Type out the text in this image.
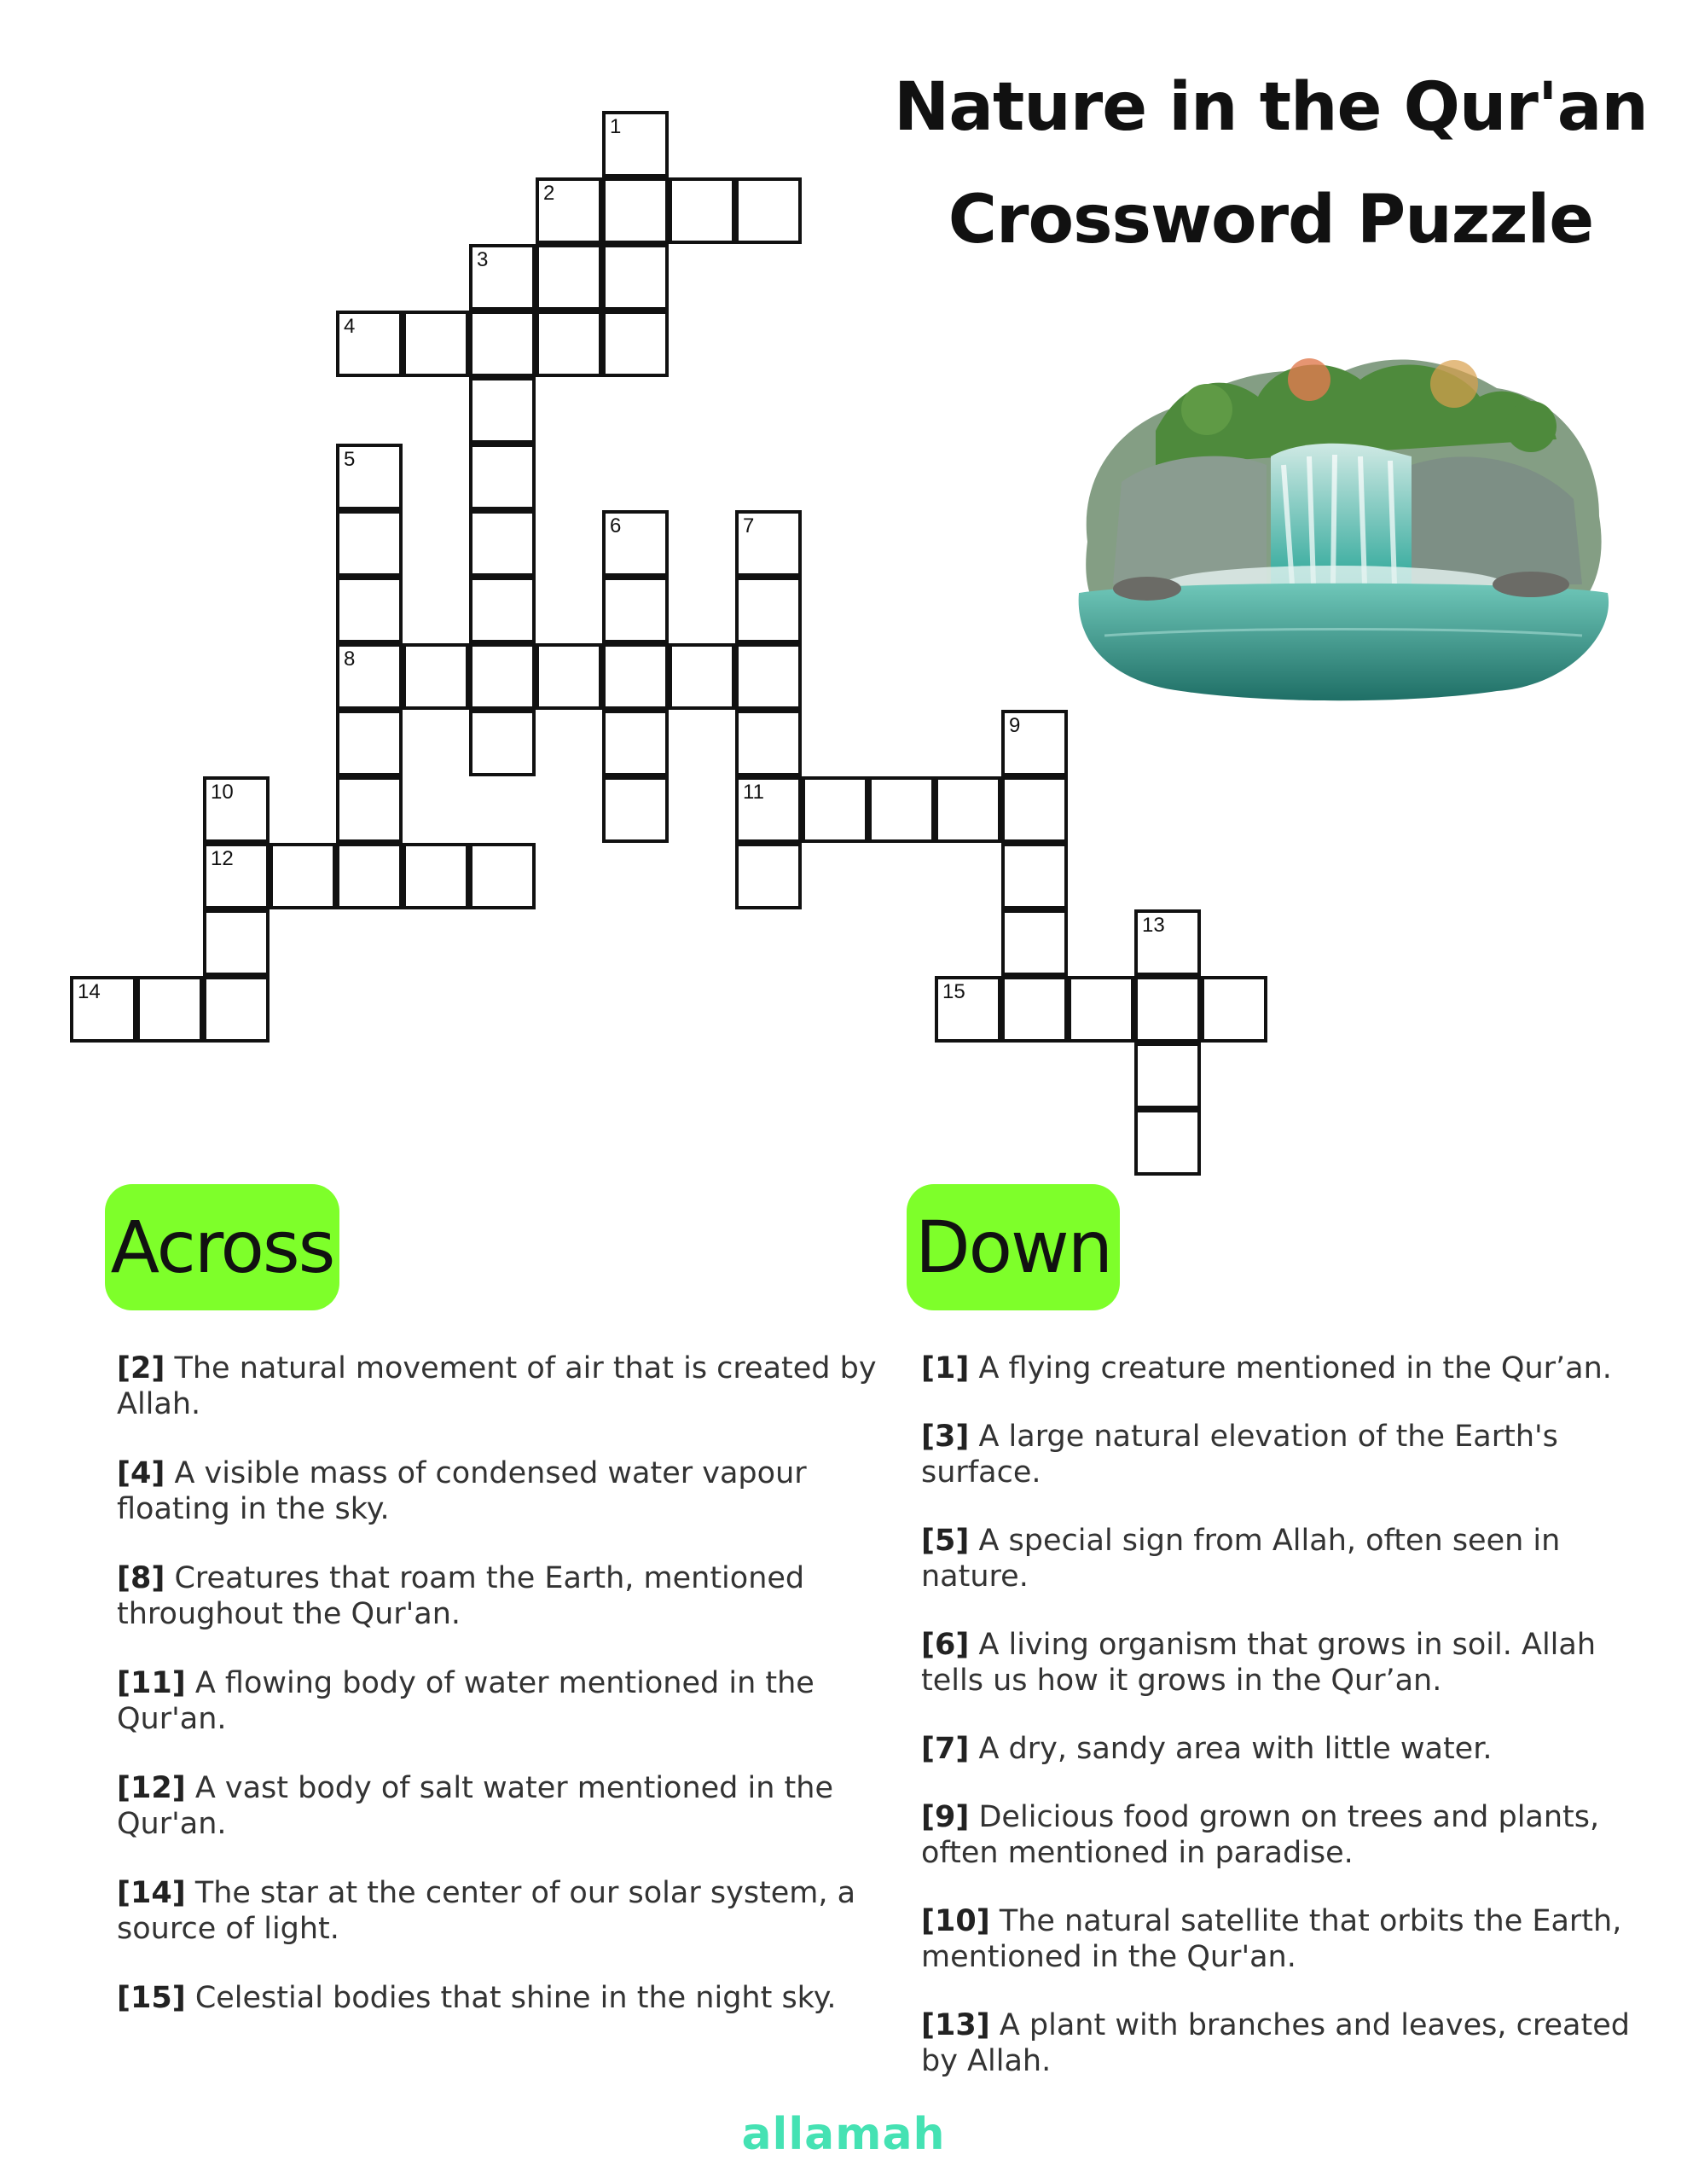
Nature in the Qur'an
Crossword Puzzle
1
2
3
4
5
6	7
8
9
10	11
12
13
14	15
Across	Down

[2] The natural movement of air that is created by Allah.

[4] A visible mass of condensed water vapour floating in the sky.

[8] Creatures that roam the Earth, mentioned throughout the Qur'an.

[11] A flowing body of water mentioned in the Qur'an.

[12] A vast body of salt water mentioned in the Qur'an.

[14] The star at the center of our solar system, a source of light.

[15] Celestial bodies that shine in the night sky.

[1] A flying creature mentioned in the Qur’an.

[3] A large natural elevation of the Earth's surface.

[5] A special sign from Allah, often seen in nature.

[6] A living organism that grows in soil. Allah tells us how it grows in the Qur’an.

[7] A dry, sandy area with little water.

[9] Delicious food grown on trees and plants, often mentioned in paradise.

[10] The natural satellite that orbits the Earth, mentioned in the Qur'an.

[13] A plant with branches and leaves, created by Allah.

allamah
